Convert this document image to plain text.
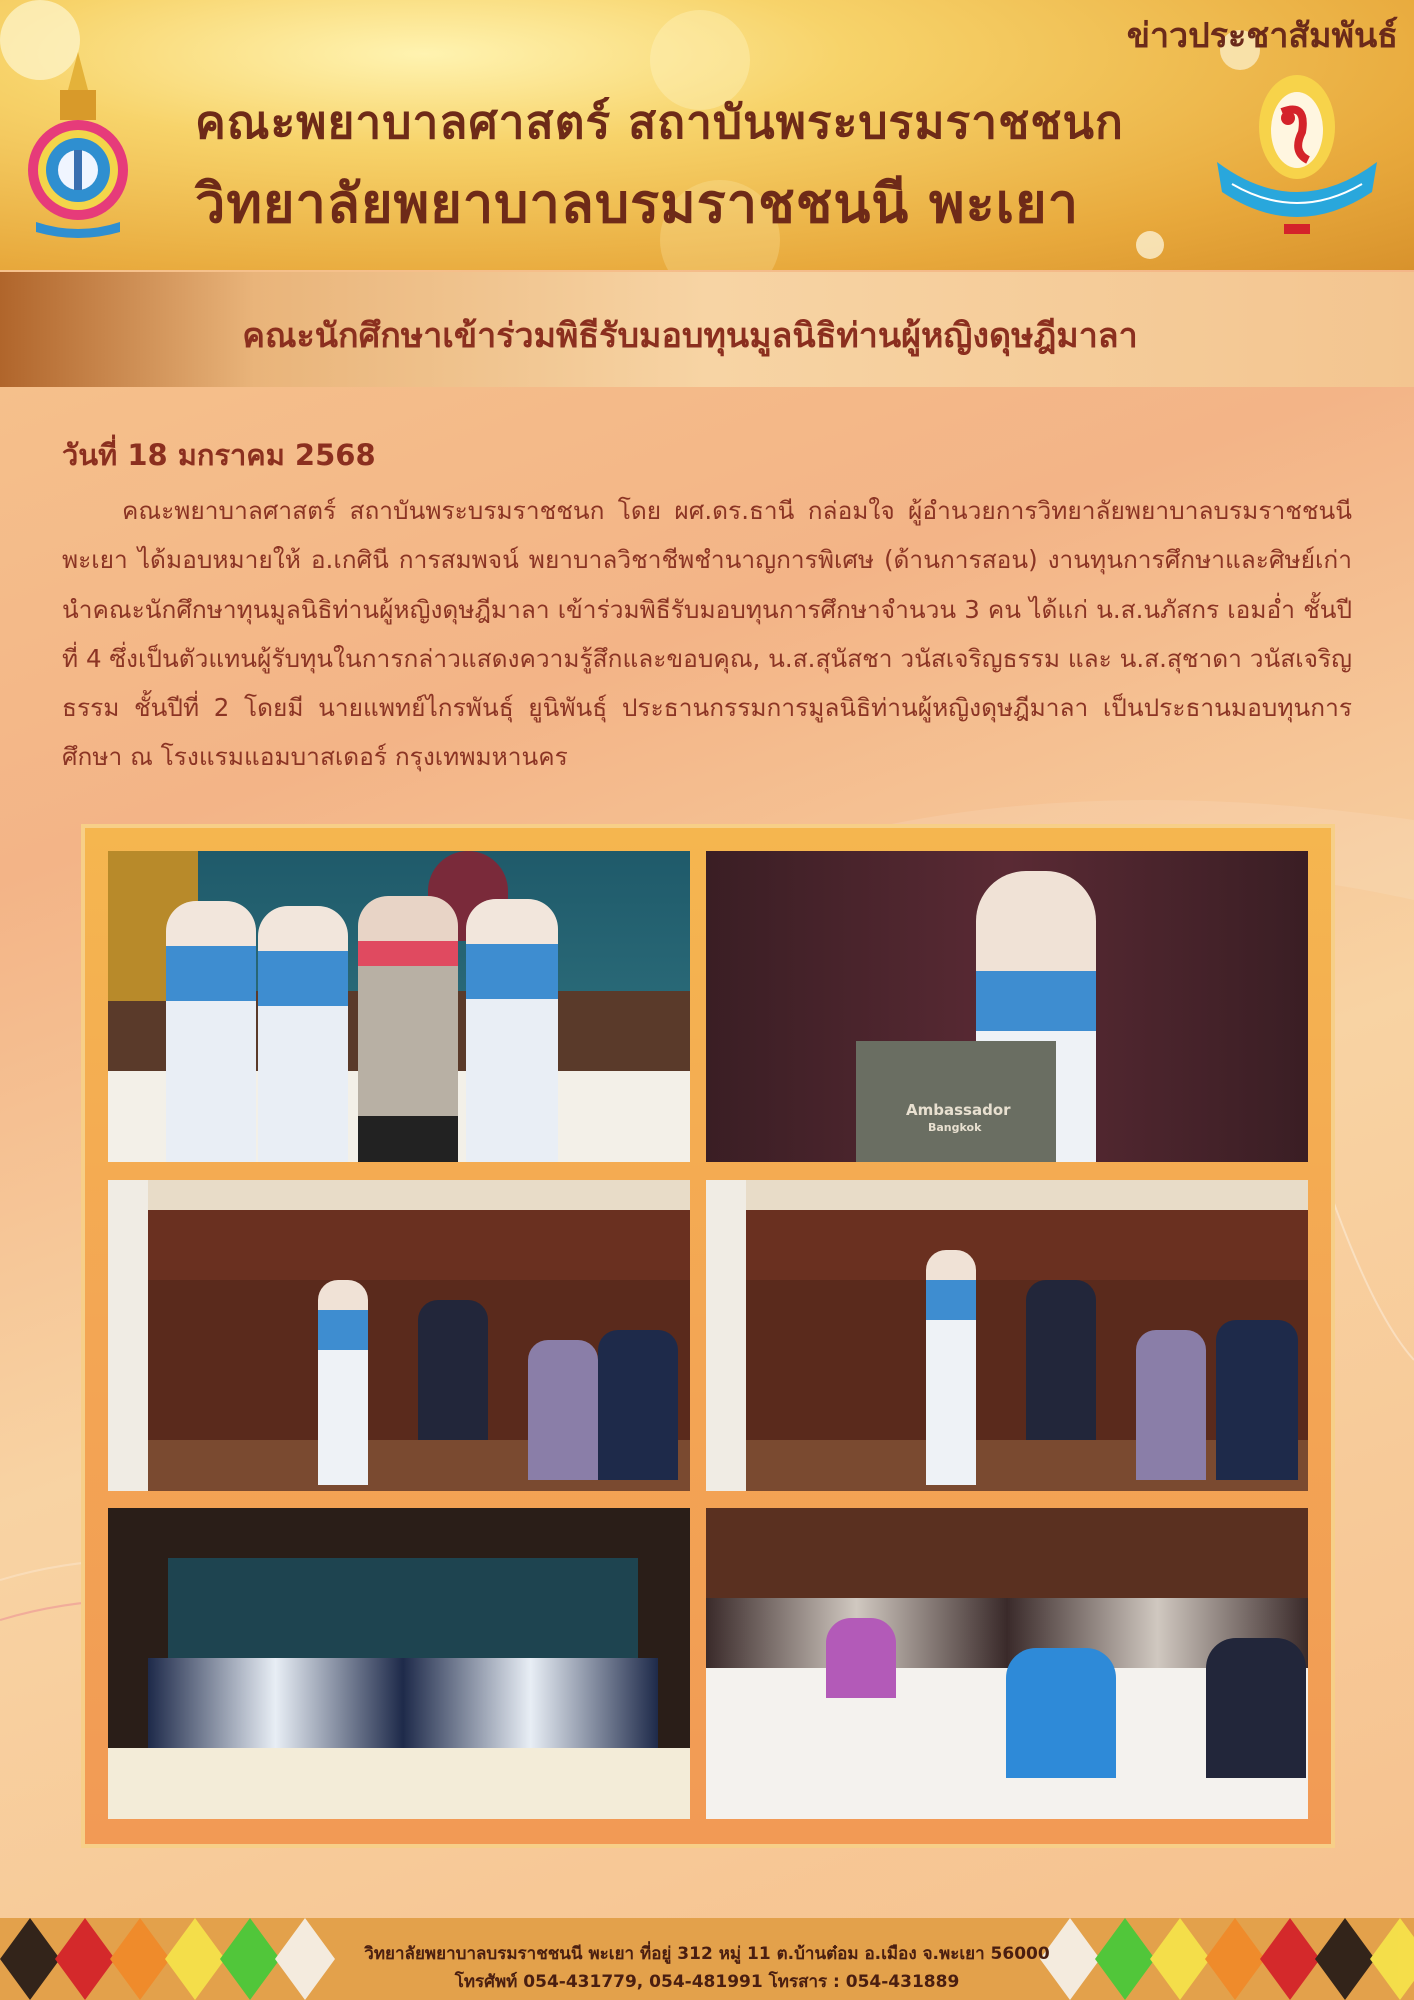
ข่าวประชาสัมพันธ์
คณะพยาบาลศาสตร์ สถาบันพระบรมราชชนก
วิทยาลัยพยาบาลบรมราชชนนี พะเยา
คณะนักศึกษาเข้าร่วมพิธีรับมอบทุนมูลนิธิท่านผู้หญิงดุษฎีมาลา
วันที่ 18 มกราคม 2568
คณะพยาบาลศาสตร์ สถาบันพระบรมราชชนก โดย ผศ.ดร.ธานี กล่อมใจ ผู้อำนวยการวิทยาลัยพยาบาลบรมราชชนนี พะเยา ได้มอบหมายให้ อ.เกศินี การสมพจน์ พยาบาลวิชาชีพชำนาญการพิเศษ (ด้านการสอน) งานทุนการศึกษาและศิษย์เก่า นำคณะนักศึกษาทุนมูลนิธิท่านผู้หญิงดุษฎีมาลา เข้าร่วมพิธีรับมอบทุนการศึกษาจำนวน 3 คน ได้แก่ น.ส.นภัสกร เอมอ่ำ ชั้นปีที่ 4 ซึ่งเป็นตัวแทนผู้รับทุนในการกล่าวแสดงความรู้สึกและขอบคุณ, น.ส.สุนัสชา วนัสเจริญธรรม และ น.ส.สุชาดา วนัสเจริญธรรม ชั้นปีที่ 2 โดยมี นายแพทย์ไกรพันธุ์ ยูนิพันธุ์ ประธานกรรมการมูลนิธิท่านผู้หญิงดุษฎีมาลา เป็นประธานมอบทุนการศึกษา ณ โรงแรมแอมบาสเดอร์ กรุงเทพมหานคร
Ambassador
Bangkok
วิทยาลัยพยาบาลบรมราชชนนี พะเยา ที่อยู่ 312 หมู่ 11 ต.บ้านต๋อม อ.เมือง จ.พะเยา 56000
โทรศัพท์ 054-431779, 054-481991 โทรสาร : 054-431889
